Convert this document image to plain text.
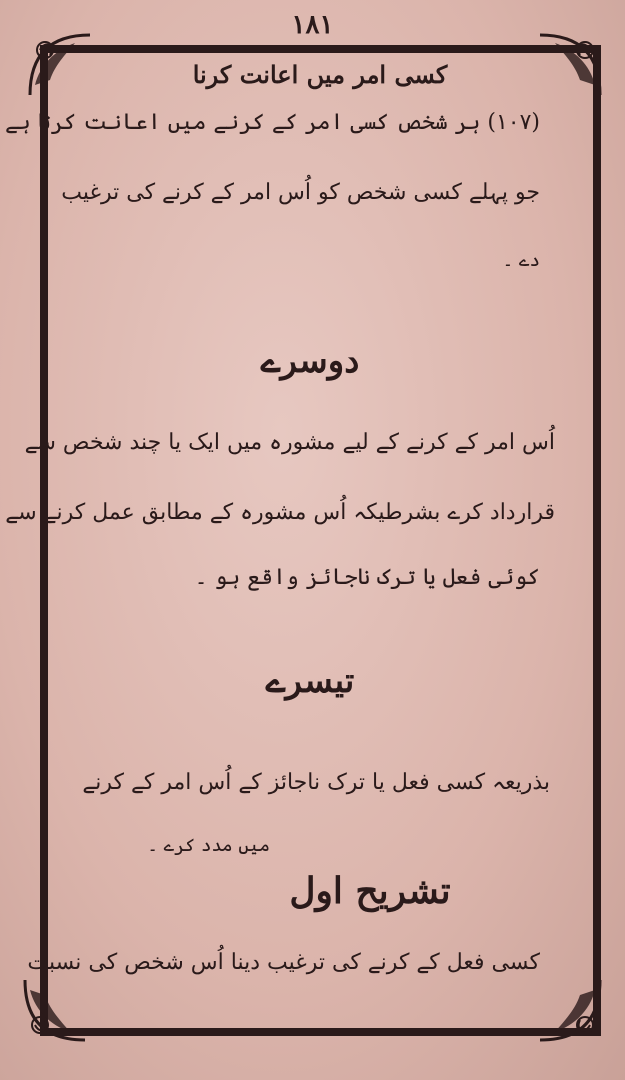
۱۸۱
کسی امر میں اعانت کرنا
(۱۰۷) ہر شخص کسی امر کے کرنے میں اعانت کرتا ہے
جو پہلے کسی شخص کو اُس امر کے کرنے کی ترغیب
دے ۔
دوسرے
اُس امر کے کرنے کے لیے مشورہ میں ایک یا چند شخص سے
قرارداد کرے بشرطیکہ اُس مشورہ کے مطابق عمل کرنے سے
کوئی فعل یا ترک ناجائز واقع ہو ۔
تیسرے
بذریعہ کسی فعل یا ترک ناجائز کے اُس امر کے کرنے
میں مدد کرے ۔
تشریح اول
کسی فعل کے کرنے کی ترغیب دینا اُس شخص کی نسبت
